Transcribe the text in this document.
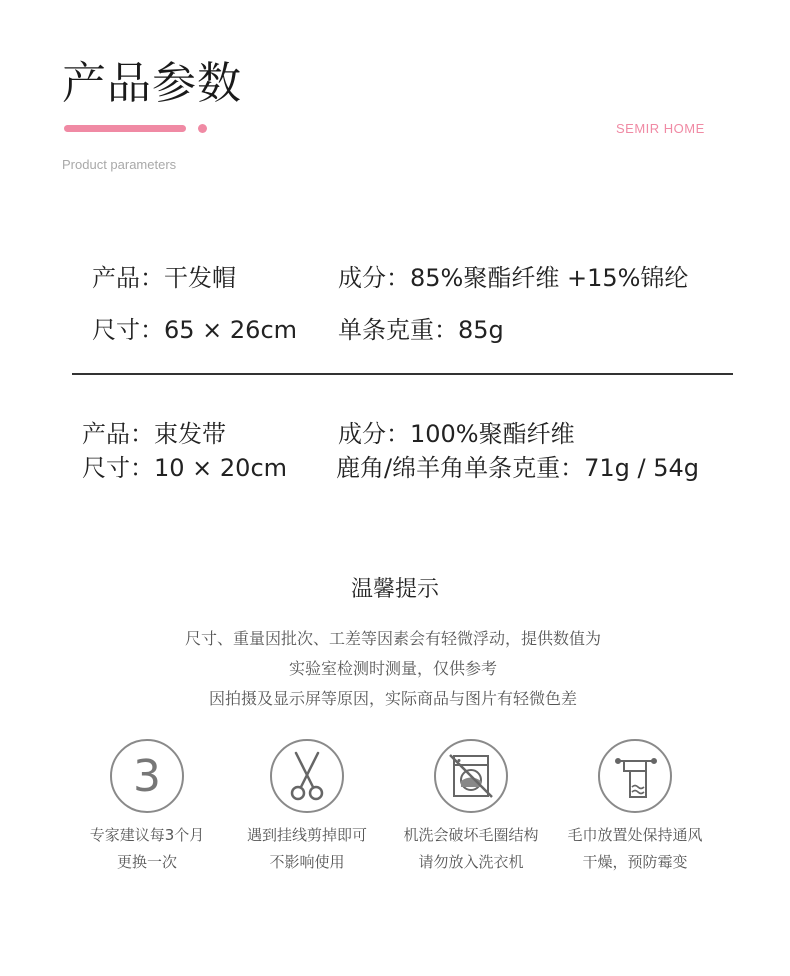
产品参数
SEMIR HOME
Product parameters
产品：干发帽	成分：85%聚酯纤维 +15%锦纶
尺寸：65 × 26cm 单条克重：85g
产品：束发带	成分：100%聚酯纤维
尺寸：10 × 20cm 鹿角/绵羊角单条克重：71g / 54g
温馨提示
尺寸、重量因批次、工差等因素会有轻微浮动，提供数值为
实验室检测时测量，仅供参考
因拍摄及显示屏等原因，实际商品与图片有轻微色差
3
专家建议每3个月
更换一次
遇到挂线剪掉即可
不影响使用
机洗会破坏毛圈结构
请勿放入洗衣机
毛巾放置处保持通风
干燥，预防霉变
